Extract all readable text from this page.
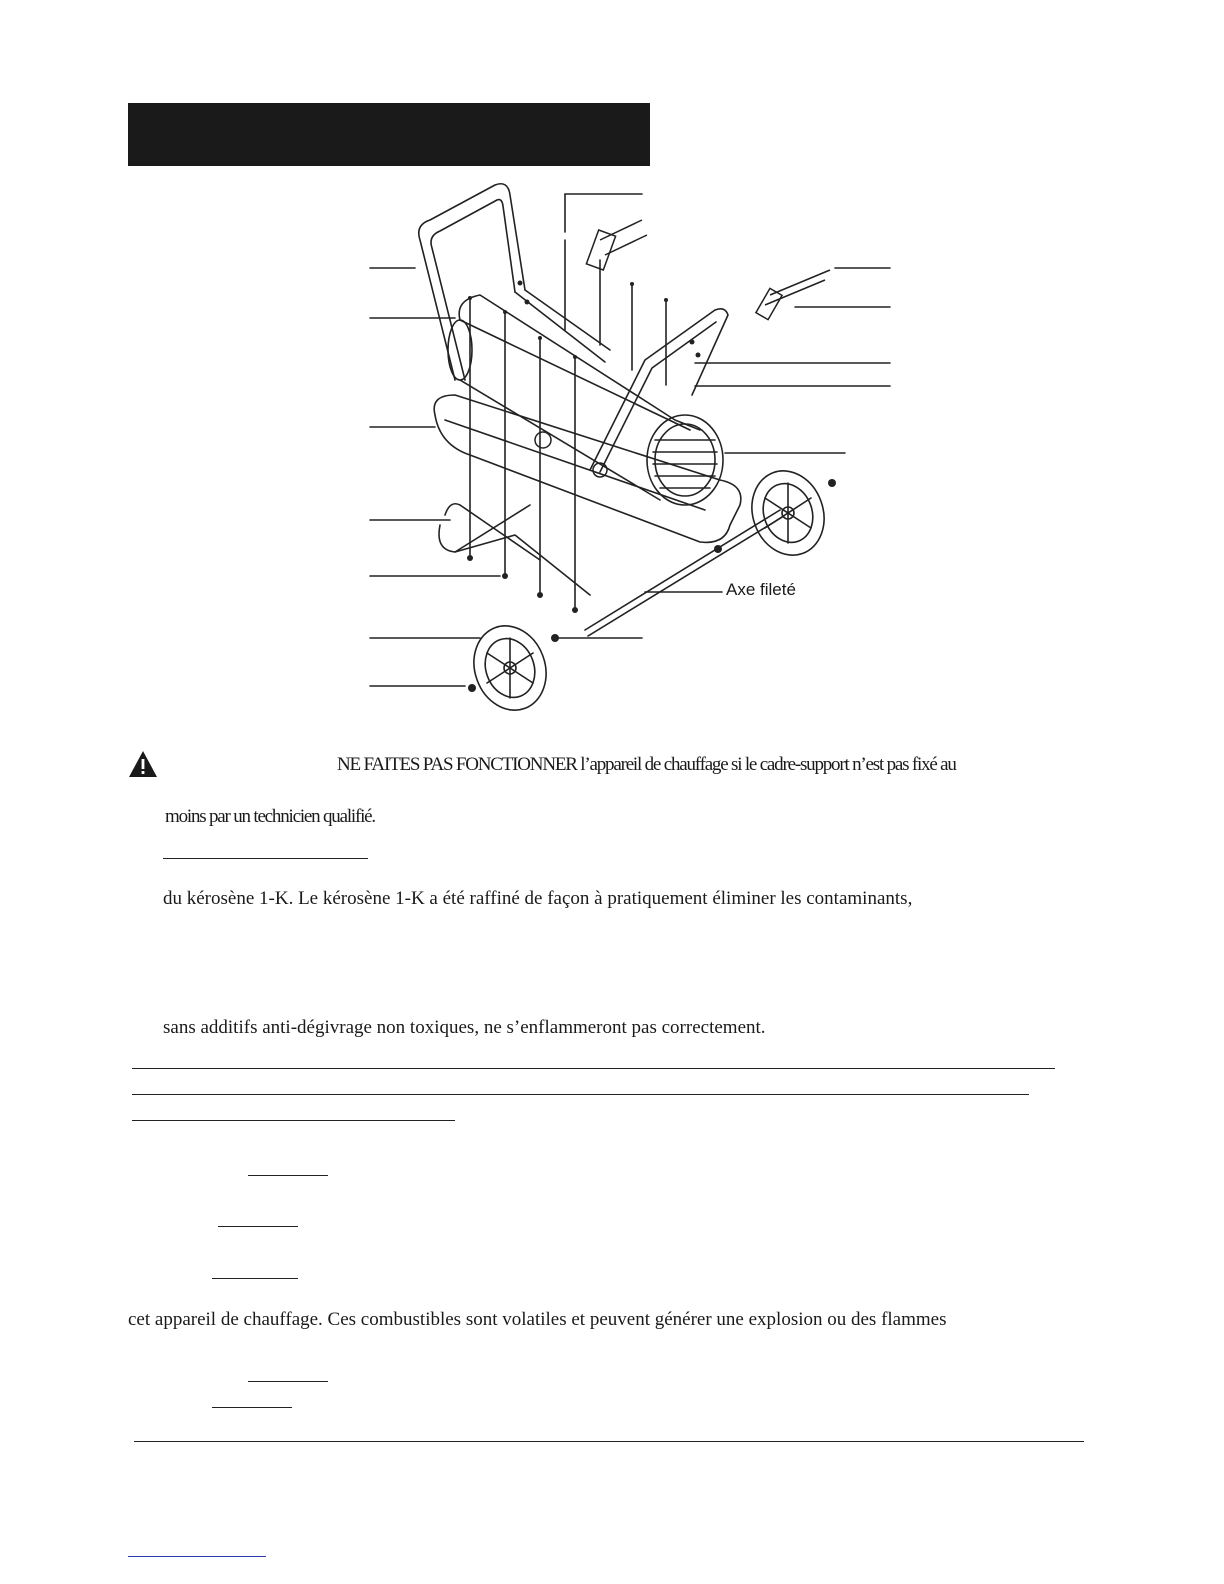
Axe fileté
NE FAITES PAS FONCTIONNER l’appareil de chauffage si le cadre-support n’est pas fixé au
moins par un technicien qualifié.
du kérosène 1-K. Le kérosène 1-K a été raffiné de façon à pratiquement éliminer les contaminants,
sans additifs anti-dégivrage non toxiques, ne s’enflammeront pas correctement.
cet appareil de chauffage. Ces combustibles sont volatiles et peuvent générer une explosion ou des flammes
